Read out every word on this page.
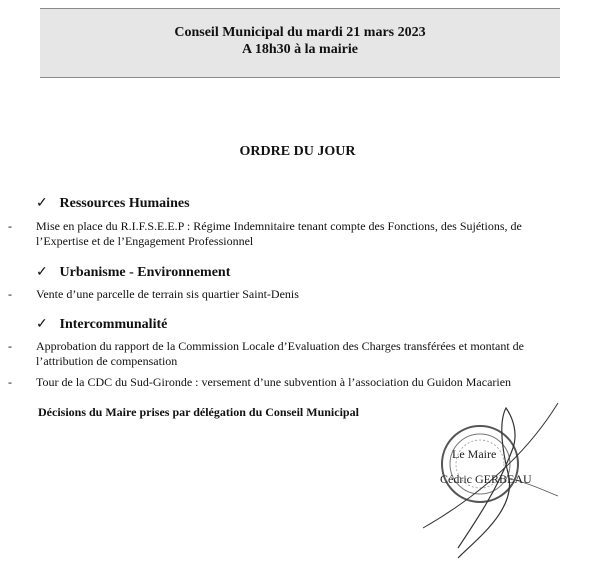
Conseil Municipal du mardi 21 mars 2023
A 18h30 à la mairie
ORDRE DU JOUR
✓ Ressources Humaines
- Mise en place du R.I.F.S.E.E.P : Régime Indemnitaire tenant compte des Fonctions, des Sujétions, de l’Expertise et de l’Engagement Professionnel
✓ Urbanisme - Environnement
- Vente d’une parcelle de terrain sis quartier Saint-Denis
✓ Intercommunalité
- Approbation du rapport de la Commission Locale d’Evaluation des Charges transférées et montant de l’attribution de compensation
- Tour de la CDC du Sud-Gironde : versement d’une subvention à l’association du Guidon Macarien
Décisions du Maire prises par délégation du Conseil Municipal
Le Maire
Cédric GERBEAU
